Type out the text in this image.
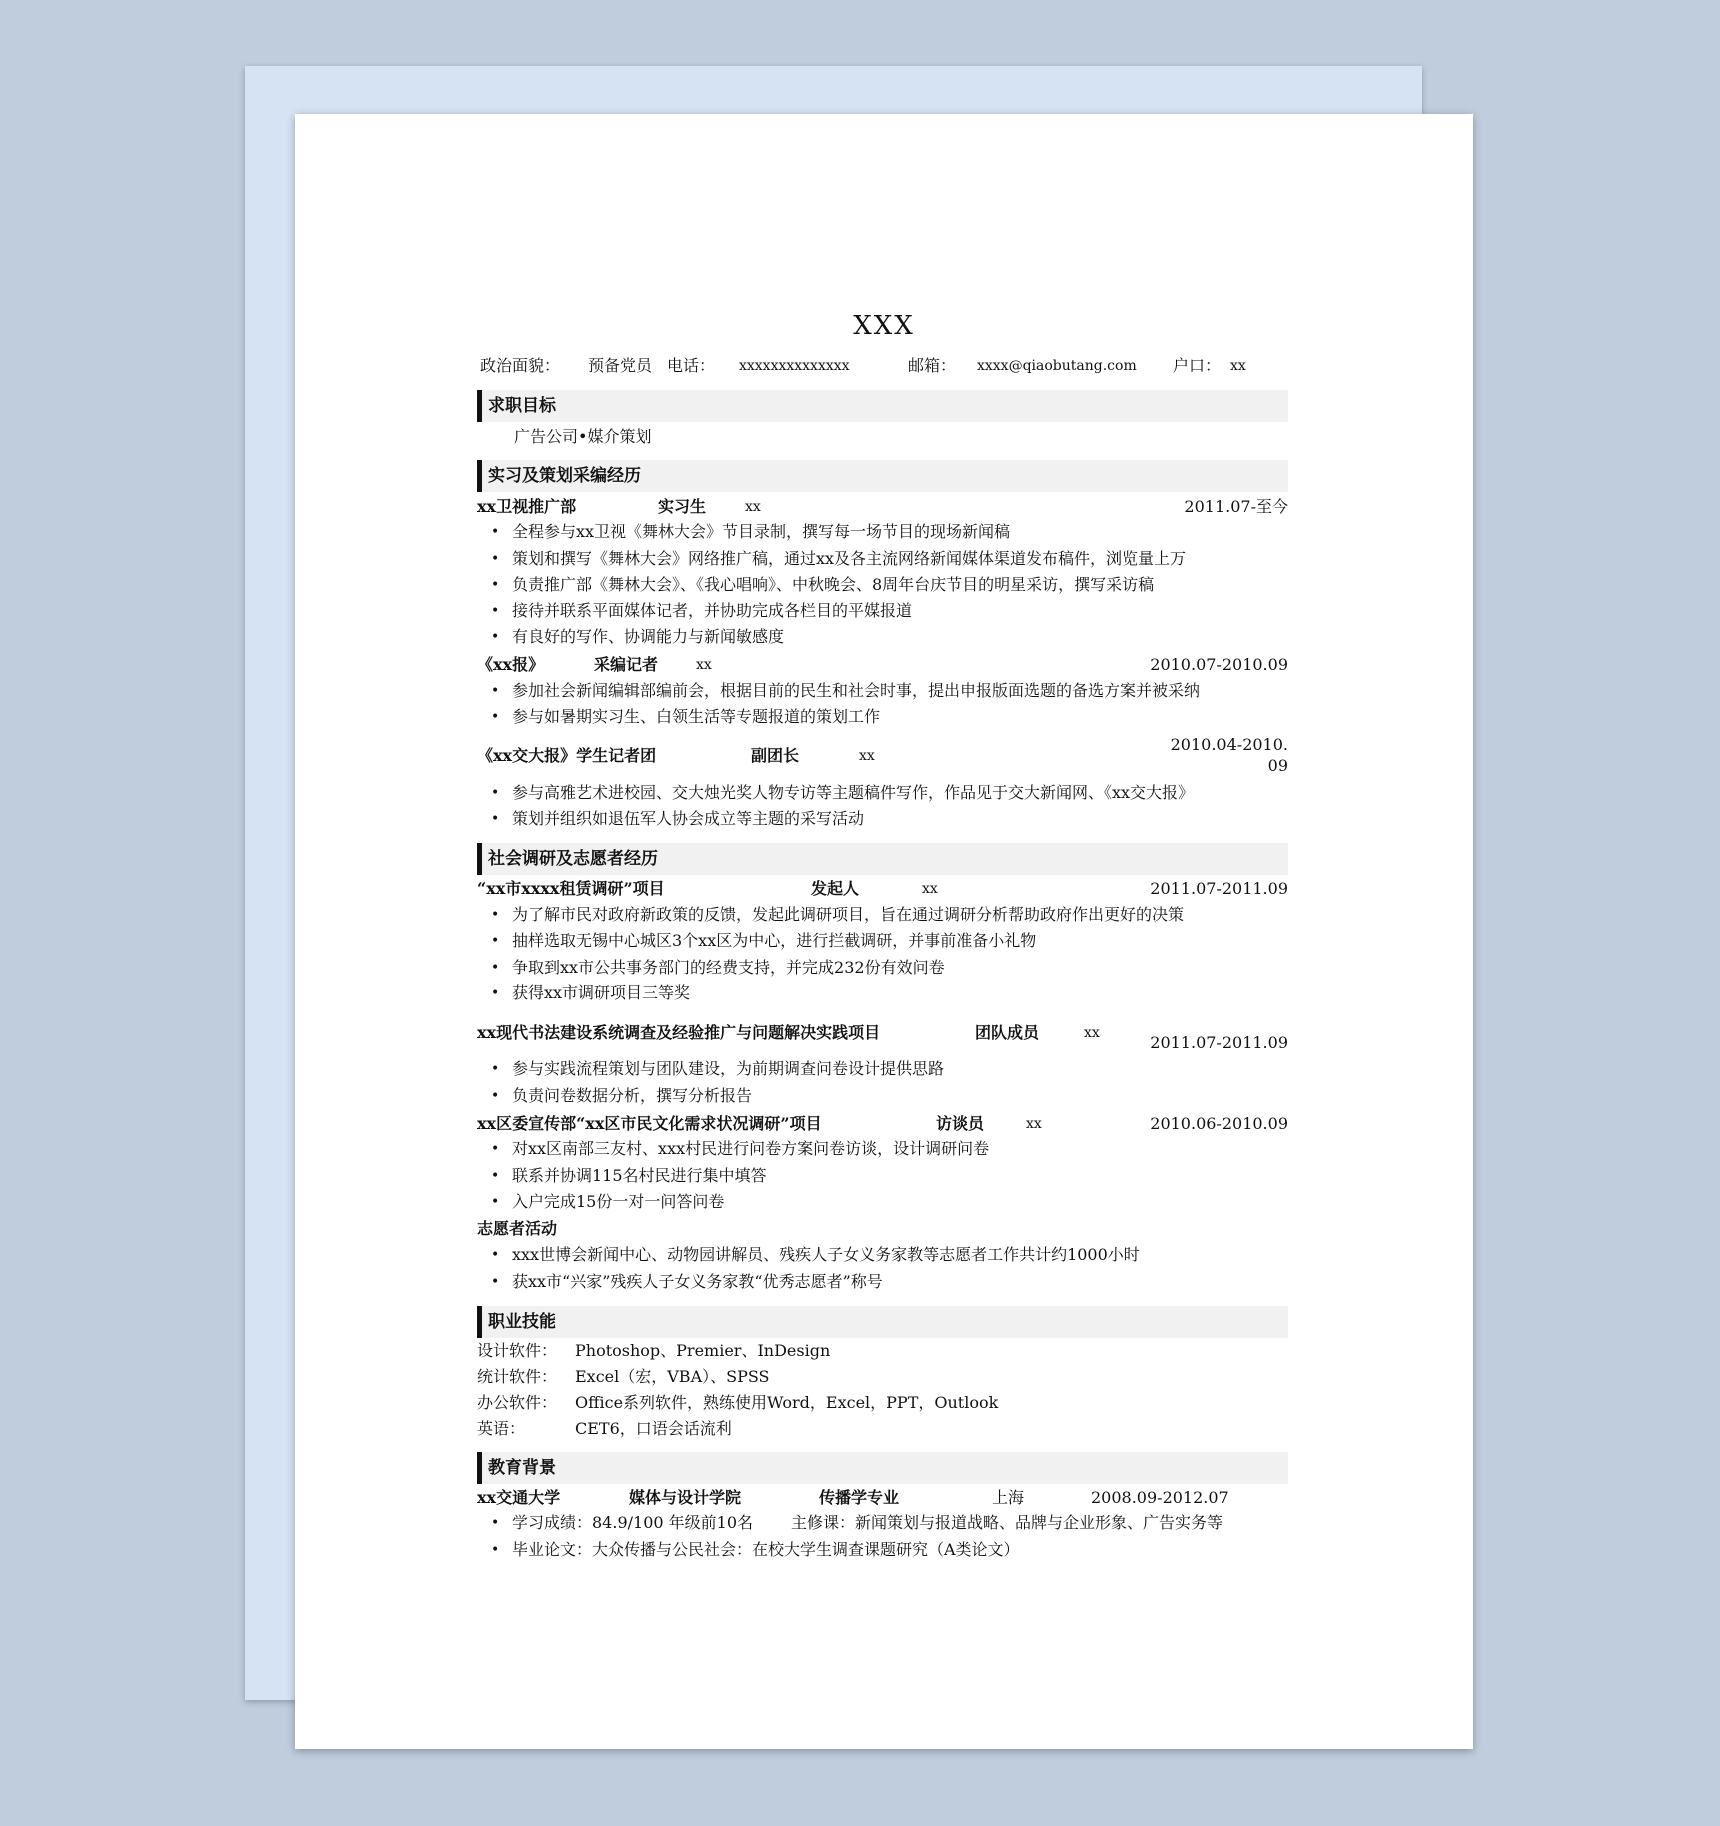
XXX
政治面貌： 预备党员 电话： xxxxxxxxxxxxxx	邮箱： xxxx@qiaobutang.com 户口： xx
求职目标
广告公司•媒介策划
实习及策划采编经历
xx卫视推广部	实习生	xx	2011.07-至今
• 全程参与xx卫视《舞林大会》节目录制，撰写每一场节目的现场新闻稿
• 策划和撰写《舞林大会》网络推广稿，通过xx及各主流网络新闻媒体渠道发布稿件，浏览量上万
• 负责推广部《舞林大会》、《我心唱响》、中秋晚会、8周年台庆节目的明星采访，撰写采访稿
• 接待并联系平面媒体记者，并协助完成各栏目的平媒报道
• 有良好的写作、协调能力与新闻敏感度
《xx报》	采编记者	xx	2010.07-2010.09
• 参加社会新闻编辑部编前会，根据目前的民生和社会时事，提出申报版面选题的备选方案并被采纳
• 参与如暑期实习生、白领生活等专题报道的策划工作
《xx交大报》学生记者团	副团长	xx
2010.04-2010.
09
• 参与高雅艺术进校园、交大烛光奖人物专访等主题稿件写作，作品见于交大新闻网、《xx交大报》
• 策划并组织如退伍军人协会成立等主题的采写活动
社会调研及志愿者经历
“xx市xxxx租赁调研”项目	发起人	xx	2011.07-2011.09
• 为了解市民对政府新政策的反馈，发起此调研项目，旨在通过调研分析帮助政府作出更好的决策
• 抽样选取无锡中心城区3个xx区为中心，进行拦截调研，并事前准备小礼物
• 争取到xx市公共事务部门的经费支持，并完成232份有效问卷
• 获得xx市调研项目三等奖
xx现代书法建设系统调查及经验推广与问题解决实践项目	团队成员	xx	2011.07-2011.09
• 参与实践流程策划与团队建设，为前期调查问卷设计提供思路
• 负责问卷数据分析，撰写分析报告
xx区委宣传部“xx区市民文化需求状况调研”项目	访谈员	xx	2010.06-2010.09
• 对xx区南部三友村、xxx村民进行问卷方案问卷访谈，设计调研问卷
• 联系并协调115名村民进行集中填答
• 入户完成15份一对一问答问卷
志愿者活动
• xxx世博会新闻中心、动物园讲解员、残疾人子女义务家教等志愿者工作共计约1000小时
• 获xx市“兴家”残疾人子女义务家教“优秀志愿者”称号
职业技能
设计软件： Photoshop、Premier、InDesign
统计软件： Excel（宏，VBA）、SPSS
办公软件： Office系列软件，熟练使用Word，Excel，PPT，Outlook
英语：	CET6，口语会话流利
教育背景
xx交通大学	媒体与设计学院	传播学专业	上海	2008.09-2012.07
• 学习成绩：84.9/100 年级前10名 主修课：新闻策划与报道战略、品牌与企业形象、广告实务等
• 毕业论文：大众传播与公民社会：在校大学生调查课题研究（A类论文）
